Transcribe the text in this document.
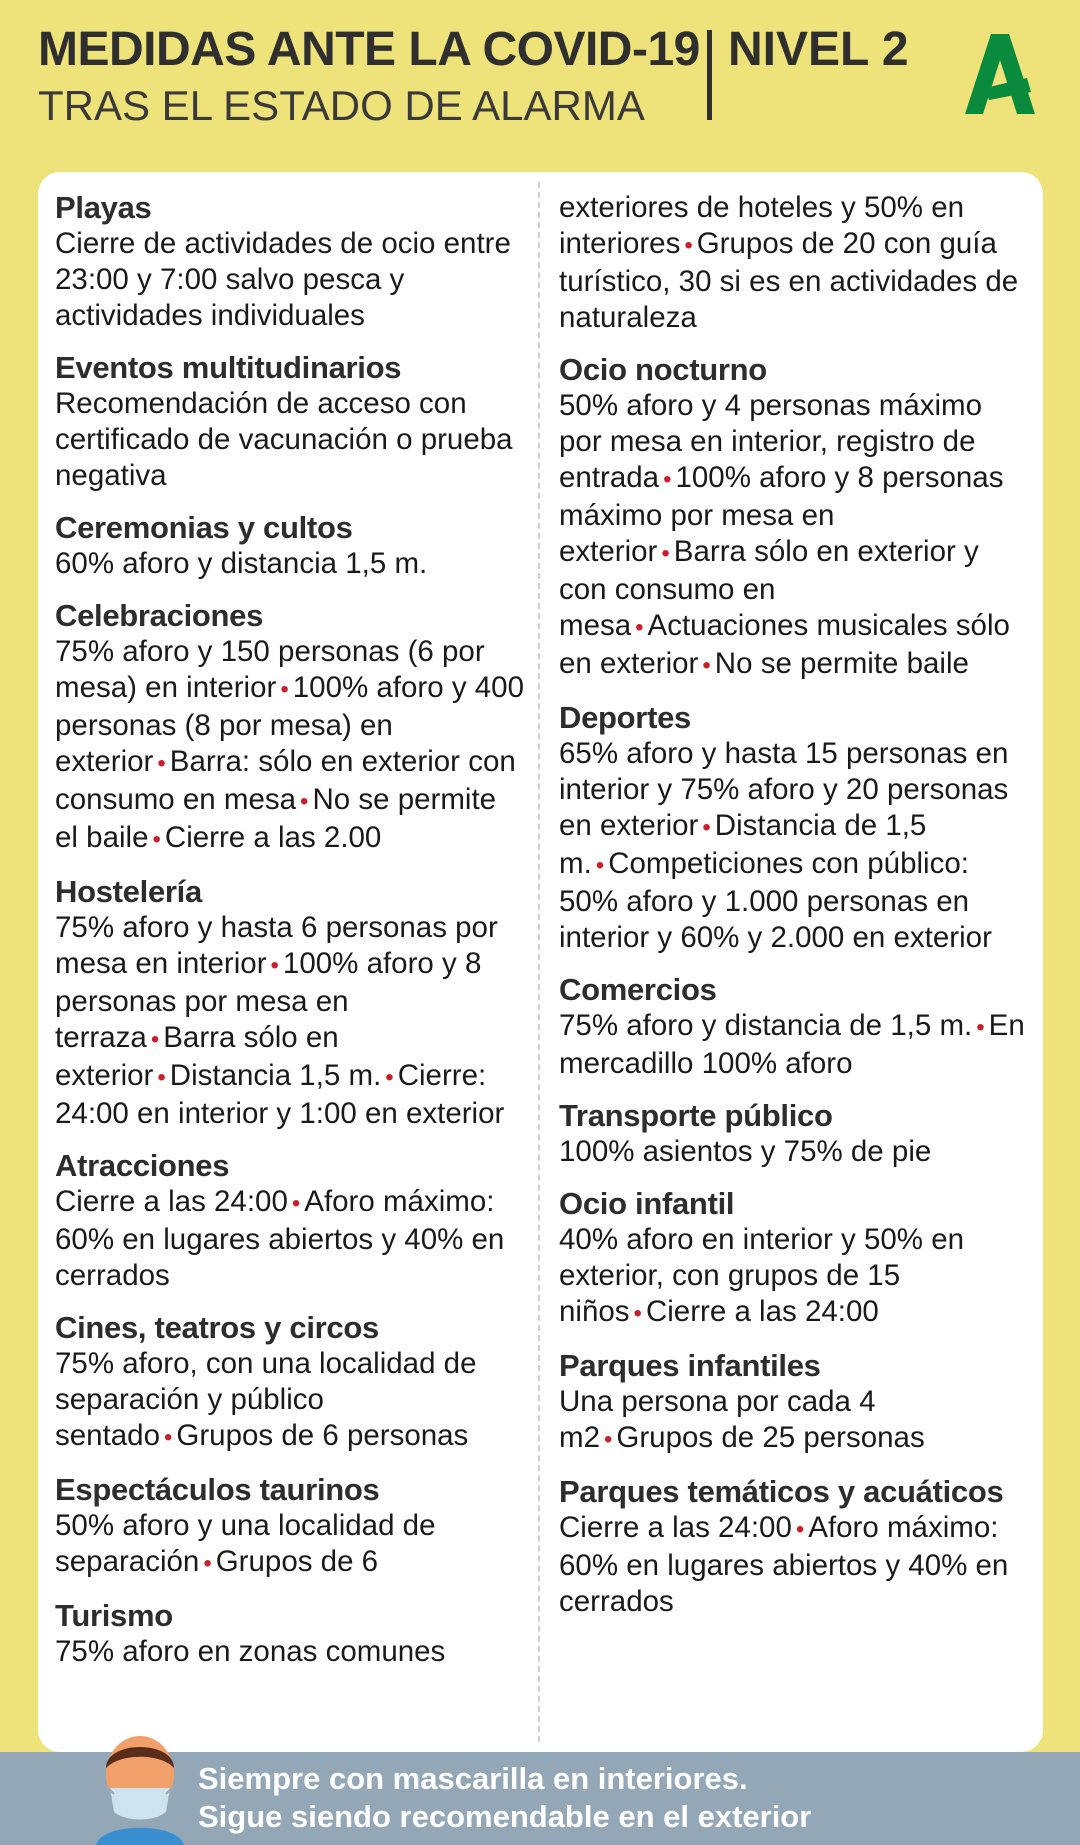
MEDIDAS ANTE LA COVID-19
TRAS EL ESTADO DE ALARMA
NIVEL 2
Playas

Cierre de actividades de ocio entre 23:00 y 7:00 salvo pesca y actividades individuales

Eventos multitudinarios

Recomendación de acceso con certificado de vacunación o prueba negativa

Ceremonias y cultos

60% aforo y distancia 1,5 m.

Celebraciones

75% aforo y 150 personas (6 por mesa) en interior • 100% aforo y 400 personas (8 por mesa) en exterior • Barra: sólo en exterior con consumo en mesa • No se permite el baile • Cierre a las 2.00

Hostelería

75% aforo y hasta 6 personas por mesa en interior • 100% aforo y 8 personas por mesa en terraza • Barra sólo en exterior • Distancia 1,5 m. • Cierre: 24:00 en interior y 1:00 en exterior

Atracciones

Cierre a las 24:00 • Aforo máximo: 60% en lugares abiertos y 40% en cerrados

Cines, teatros y circos

75% aforo, con una localidad de separación y público sentado • Grupos de 6 personas

Espectáculos taurinos

50% aforo y una localidad de separación • Grupos de 6

Turismo

75% aforo en zonas comunes

exteriores de hoteles y 50% en interiores • Grupos de 20 con guía turístico, 30 si es en actividades de naturaleza

Ocio nocturno

50% aforo y 4 personas máximo por mesa en interior, registro de entrada • 100% aforo y 8 personas máximo por mesa en exterior • Barra sólo en exterior y con consumo en mesa • Actuaciones musicales sólo en exterior • No se permite baile

Deportes

65% aforo y hasta 15 personas en interior y 75% aforo y 20 personas en exterior • Distancia de 1,5 m. • Competiciones con público: 50% aforo y 1.000 personas en interior y 60% y 2.000 en exterior

Comercios

75% aforo y distancia de 1,5 m. • En mercadillo 100% aforo

Transporte público

100% asientos y 75% de pie

Ocio infantil

40% aforo en interior y 50% en exterior, con grupos de 15 niños • Cierre a las 24:00

Parques infantiles

Una persona por cada 4 m2 • Grupos de 25 personas

Parques temáticos y acuáticos

Cierre a las 24:00 • Aforo máximo: 60% en lugares abiertos y 40% en cerrados

Siempre con mascarilla en interiores.
Sigue siendo recomendable en el exterior
